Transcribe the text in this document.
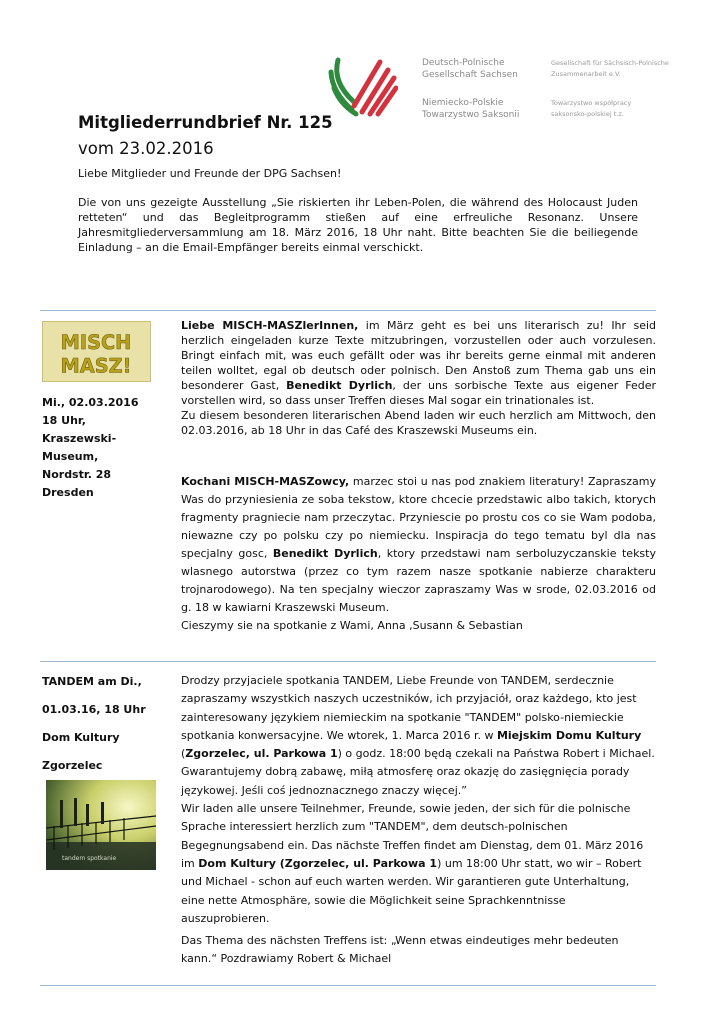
Deutsch-Polnische
Gesellschaft Sachsen
Niemiecko-Polskie
Towarzystwo Saksonii
Gesellschaft für Sächsisch-Polnische
Zusammenarbeit e.V.
Towarzystwo współpracy
saksonsko-polskiej t.z.
Mitgliederrundbrief Nr. 125
vom 23.02.2016

Liebe Mitglieder und Freunde der DPG Sachsen!

Die von uns gezeigte Ausstellung „Sie riskierten ihr Leben-Polen, die während des Holocaust Juden retteten“ und das Begleitprogramm stießen auf eine erfreuliche Resonanz. Unsere Jahresmitgliederversammlung am 18. März 2016, 18 Uhr naht. Bitte beachten Sie die beiliegende Einladung – an die Email-Empfänger bereits einmal verschickt.

MISCH
MASZ!

Mi., 02.03.2016
18 Uhr,
Kraszewski-
Museum,
Nordstr. 28
Dresden

Liebe MISCH-MASZlerInnen, im März geht es bei uns literarisch zu! Ihr seid herzlich eingeladen kurze Texte mitzubringen, vorzustellen oder auch vorzulesen. Bringt einfach mit, was euch gefällt oder was ihr bereits gerne einmal mit anderen teilen wolltet, egal ob deutsch oder polnisch. Den Anstoß zum Thema gab uns ein besonderer Gast, Benedikt Dyrlich, der uns sorbische Texte aus eigener Feder vorstellen wird, so dass unser Treffen dieses Mal sogar ein trinationales ist.
Zu diesem besonderen literarischen Abend laden wir euch herzlich am Mittwoch, den 02.03.2016, ab 18 Uhr in das Café des Kraszewski Museums ein.

Kochani MISCH-MASZowcy, marzec stoi u nas pod znakiem literatury! Zapraszamy Was do przyniesienia ze soba tekstow, ktore chcecie przedstawic albo takich, ktorych fragmenty pragniecie nam przeczytac. Przyniescie po prostu cos co sie Wam podoba, niewazne czy po polsku czy po niemiecku. Inspiracja do tego tematu byl dla nas specjalny gosc, Benedikt Dyrlich, ktory przedstawi nam serboluzyczanskie teksty wlasnego autorstwa (przez co tym razem nasze spotkanie nabierze charakteru trojnarodowego). Na ten specjalny wieczor zapraszamy Was w srode, 02.03.2016 od g. 18 w kawiarni Kraszewski Museum.
Cieszymy sie na spotkanie z Wami, Anna ,Susann & Sebastian

TANDEM am Di.,
01.03.16, 18 Uhr
Dom Kultury
Zgorzelec

tandem spotkanie

Drodzy przyjaciele spotkania TANDEM, Liebe Freunde von TANDEM, serdecznie zapraszamy wszystkich naszych uczestników, ich przyjaciół, oraz każdego, kto jest zainteresowany językiem niemieckim na spotkanie "TANDEM" polsko-niemieckie spotkania konwersacyjne. We wtorek, 1. Marca 2016 r. w Miejskim Domu Kultury (Zgorzelec, ul. Parkowa 1) o godz. 18:00 będą czekali na Państwa Robert i Michael. Gwarantujemy dobrą zabawę, miłą atmosferę oraz okazję do zasięgnięcia porady językowej. Jeśli coś jednoznacznego znaczy więcej.”

Wir laden alle unsere Teilnehmer, Freunde, sowie jeden, der sich für die polnische Sprache interessiert herzlich zum "TANDEM", dem deutsch-polnischen Begegnungsabend ein. Das nächste Treffen findet am Dienstag, dem 01. März 2016 im Dom Kultury (Zgorzelec, ul. Parkowa 1) um 18:00 Uhr statt, wo wir – Robert und Michael - schon auf euch warten werden. Wir garantieren gute Unterhaltung, eine nette Atmosphäre, sowie die Möglichkeit seine Sprachkenntnisse auszuprobieren.

Das Thema des nächsten Treffens ist: „Wenn etwas eindeutiges mehr bedeuten kann.“ Pozdrawiamy Robert & Michael
